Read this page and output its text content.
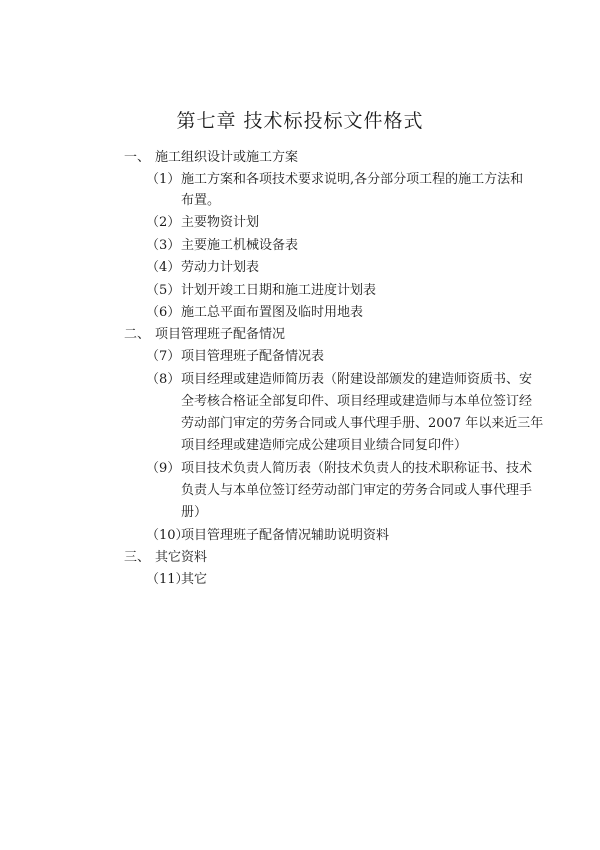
第七章 技术标投标文件格式
一、 施工组织设计或施工方案
（1） 施工方案和各项技术要求说明,各分部分项工程的施工方法和
布置。
（2） 主要物资计划
（3） 主要施工机械设备表
（4） 劳动力计划表
（5） 计划开竣工日期和施工进度计划表
（6） 施工总平面布置图及临时用地表
二、 项目管理班子配备情况
（7） 项目管理班子配备情况表
（8） 项目经理或建造师简历表（附建设部颁发的建造师资质书、安
全考核合格证全部复印件、项目经理或建造师与本单位签订经
劳动部门审定的劳务合同或人事代理手册、2007 年以来近三年
项目经理或建造师完成公建项目业绩合同复印件）
（9） 项目技术负责人简历表（附技术负责人的技术职称证书、技术
负责人与本单位签订经劳动部门审定的劳务合同或人事代理手
册）
（10）
项目管理班子配备情况辅助说明资料
三、 其它资料
（11）
其它
